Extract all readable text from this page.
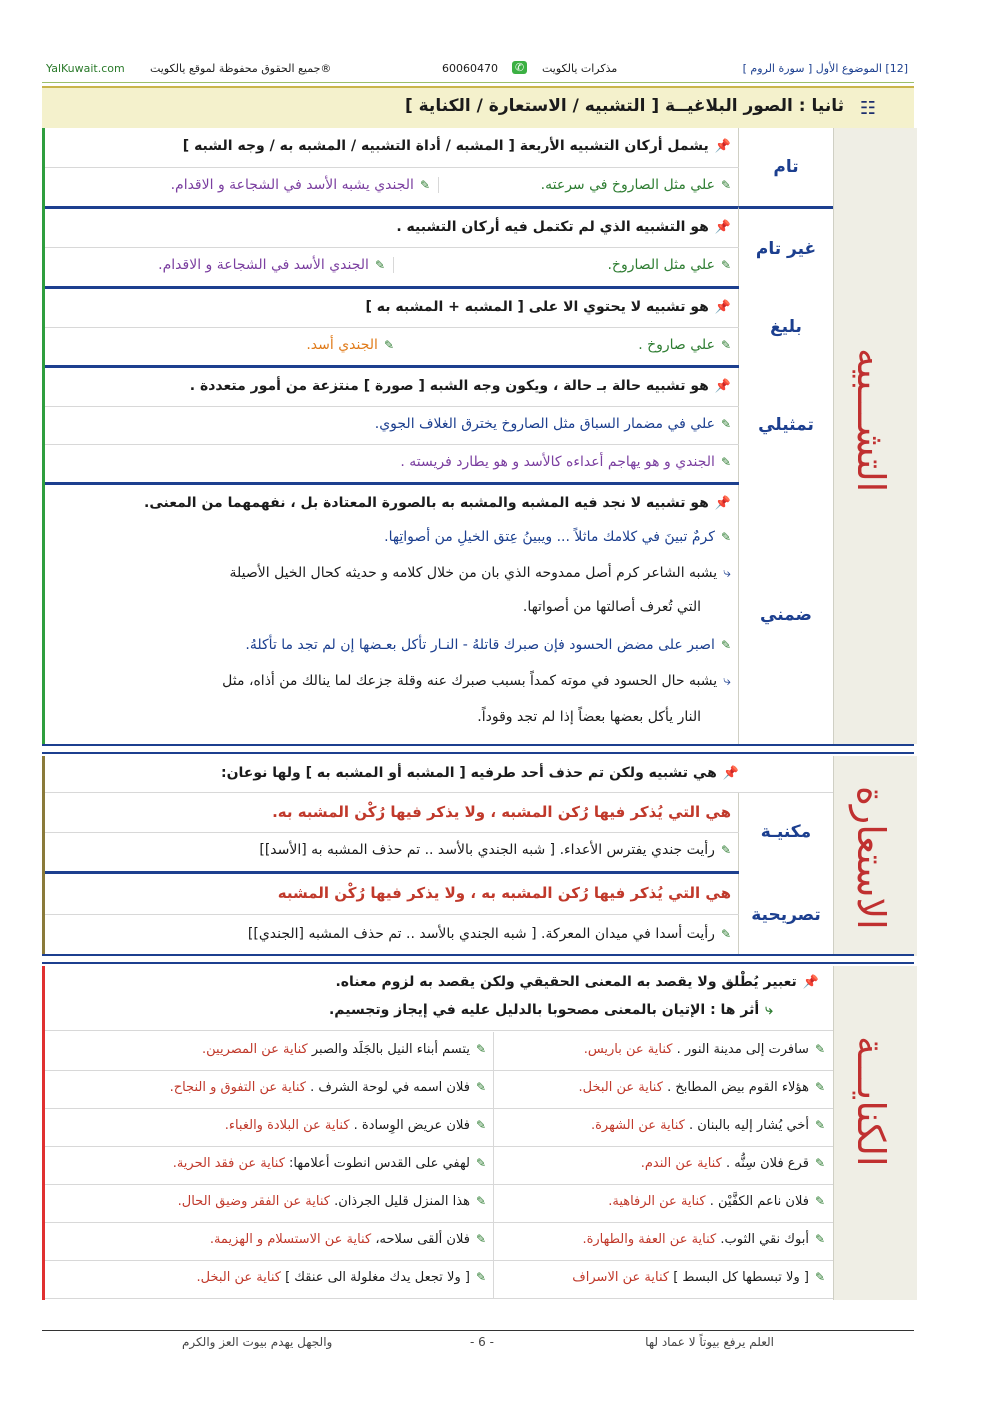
YalKuwait.com ®جميع الحقوق محفوظة لموقع يالكويت	60060470 ✆ مذكرات يالكويت	[12] الموضوع الأول [ سورة الروم ]
☷
ثانيا : الصور البلاغيــة [ التشبيه / الاستعارة / الكناية ]
التشـــبيه
تام
📌يشمل أركان التشبيه الأربعة [ المشبه / أداة التشبيه / المشبه به / وجه الشبه ]
✎علي مثل الصاروخ في سرعته.
✎الجندي يشبه الأسد في الشجاعة و الاقدام.
غير تام
📌هو التشبيه الذي لم تكتمل فيه أركان التشبيه .
✎علي مثل الصاروخ.
✎الجندي الأسد في الشجاعة و الاقدام.
بليغ
📌هو تشبيه لا يحتوي الا على [ المشبه + المشبه به ]
✎علي صاروخ .
✎الجندي أسد.
تمثيلي
📌هو تشبيه حالة بـ حالة ، ويكون وجه الشبه [ صورة ] منتزعة من أمور متعددة .
✎علي في مضمار السباق مثل الصاروخ يخترق الغلاف الجوي.
✎الجندي و هو يهاجم أعداءه كالأسد و هو يطارد فريسته .
ضمني
📌هو تشبيه لا نجد فيه المشبه والمشبه به بالصورة المعتادة بل ، نفهمهما من المعنى.
✎كرمٌ تبينَ في كلامك ماثلاً ... ويبينُ عِتق الخيلِ من أصواتِها.
⤷يشبه الشاعر كرم أصل ممدوحه الذي بان من خلال كلامه و حديثه كحال الخيل الأصيلة
التي تُعرف أصالتها من أصواتها.
✎اصبر على مضض الحسود فإن صبرك قاتلهُ - النـار تأكل بعـضها إن لم تجد ما تأكلهُ.
⤷يشبه حال الحسود في موته كمداً بسبب صبرك عنه وقلة جزعك لما ينالك من أذاه، مثل
النار يأكل بعضها بعضاً إذا لم تجد وقوداً.
الاستعارة
📌هي تشبيه ولكن تم حذف أحد طرفيه [ المشبه أو المشبه به ] ولها نوعان:
مكنيـة
هي التي يُذكر فيها رُكن المشبه ، ولا يذكر فيها رُكْن المشبه به.
✎رأيت جندي يفترس الأعداء. [ شبه الجندي بالأسد .. تم حذف المشبه به [الأسد]]
تصريحية
هي التي يُذكر فيها رُكن المشبه به ، ولا يذكر فيها رُكْن المشبه
✎رأيت أسدا في ميدان المعركة. [ شبه الجندي بالأسد .. تم حذف المشبه [الجندي]]
الكنايـــة
📌تعبير يُطْلق ولا يقصد به المعنى الحقيقي ولكن يقصد به لزوم معناه.
⤷أثر ها : الإتيان بالمعنى مصحوبا بالدليل عليه في إيجاز وتجسيم.
✎سافرت إلى مدينة النور . كناية عن باريس.
✎يتسم أبناء النيل بالجَلَد والصبر كناية عن المصريين.
✎هؤلاء القوم بيض المطابخ . كناية عن البخل.
✎فلان اسمه في لوحة الشرف . كناية عن التفوق و النجاح.
✎أخي يُشار إليه بالبنان . كناية عن الشهرة.
✎فلان عريض الوِسادة . كناية عن البلادة والغباء.
✎قرع فلان سِنُّه . كناية عن الندم.
✎لهفي على القدس انطوت أعلامها: كناية عن فقد الحرية.
✎فلان ناعم الكفَّيْن . كناية عن الرفاهية.
✎هذا المنزل قليل الجرذان. كناية عن الفقر وضيق الحال.
✎أبوك نقي الثوب. كناية عن العفة والطهارة.
✎فلان ألقى سلاحه، كناية عن الاستسلام و الهزيمة.
✎[ ولا تبسطها كل البسط ] كناية عن الاسراف
✎[ ولا تجعل يدك مغلولة الى عنقك ] كناية عن البخل.
العلم يرفع بيوتاً لا عماد لها
- 6 -
والجهل يهدم بيوت العز والكرم
